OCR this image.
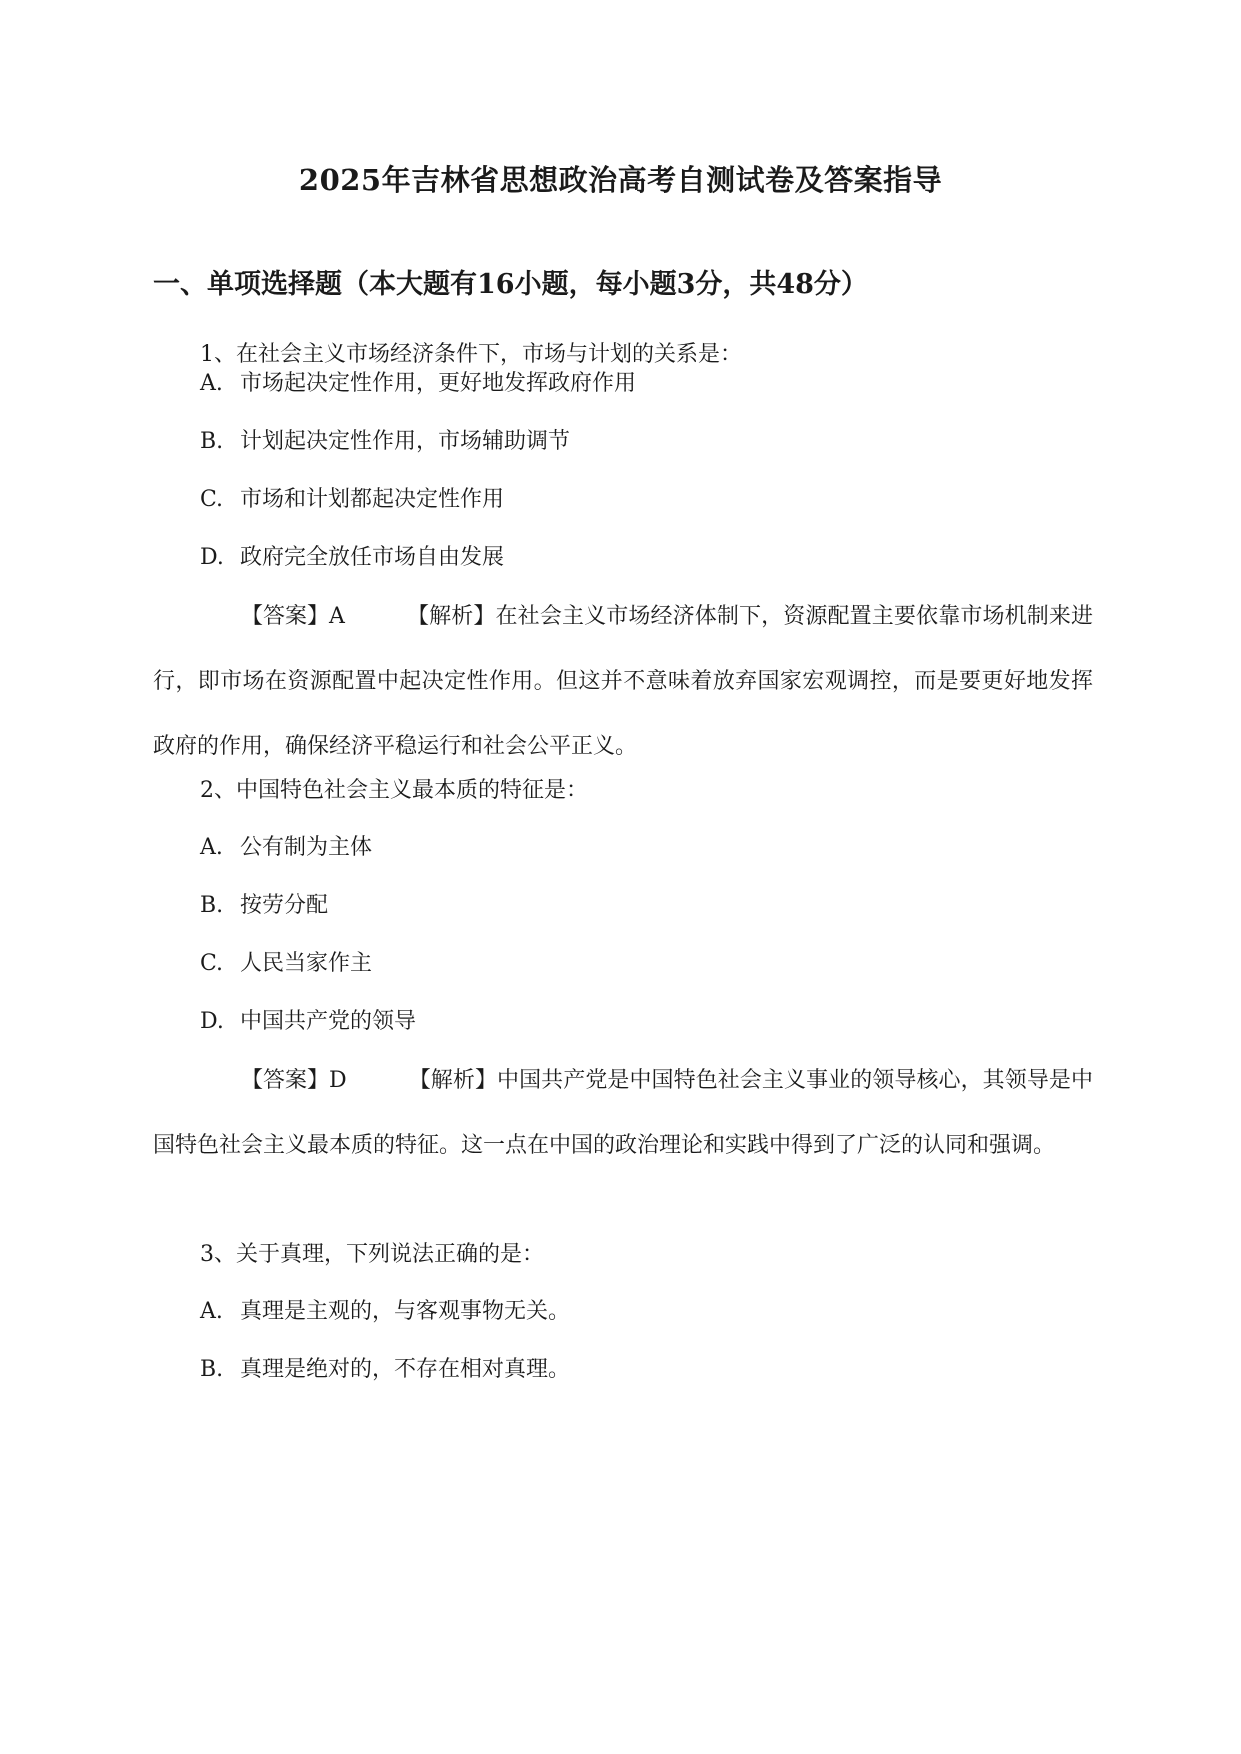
2025年吉林省思想政治高考自测试卷及答案指导
一、单项选择题（本大题有16小题，每小题3分，共48分）
1、在社会主义市场经济条件下，市场与计划的关系是：
A. 市场起决定性作用，更好地发挥政府作用
B. 计划起决定性作用，市场辅助调节
C. 市场和计划都起决定性作用
D. 政府完全放任市场自由发展
【答案】A	【解析】在社会主义市场经济体制下，资源配置主要依靠市场机制来进行，即市场在资源配置中起决定性作用。但这并不意味着放弃国家宏观调控，而是要更好地发挥政府的作用，确保经济平稳运行和社会公平正义。
2、中国特色社会主义最本质的特征是：
A. 公有制为主体
B. 按劳分配
C. 人民当家作主
D. 中国共产党的领导
【答案】D	【解析】中国共产党是中国特色社会主义事业的领导核心，其领导是中国特色社会主义最本质的特征。这一点在中国的政治理论和实践中得到了广泛的认同和强调。
3、关于真理，下列说法正确的是：
A. 真理是主观的，与客观事物无关。
B. 真理是绝对的，不存在相对真理。
